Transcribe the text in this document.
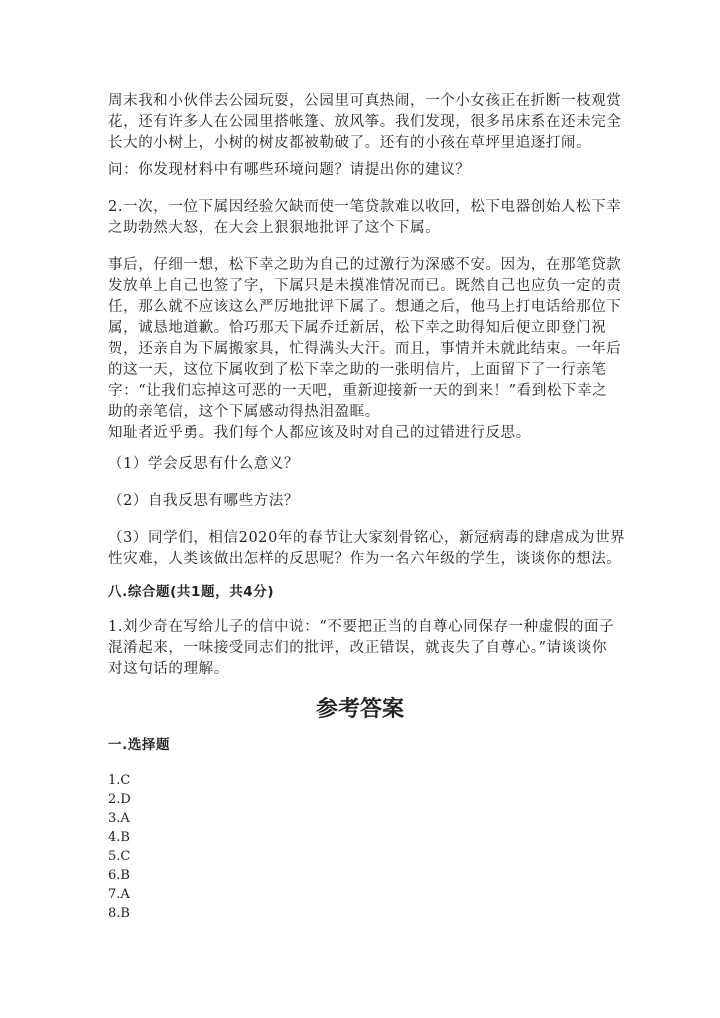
周末我和小伙伴去公园玩耍，公园里可真热闹，一个小女孩正在折断一枝观赏
花，还有许多人在公园里搭帐篷、放风筝。我们发现，很多吊床系在还未完全
长大的小树上，小树的树皮都被勒破了。还有的小孩在草坪里追逐打闹。
问：你发现材料中有哪些环境问题？请提出你的建议？
2.一次，一位下属因经验欠缺而使一笔贷款难以收回，松下电器创始人松下幸
之助勃然大怒，在大会上狠狠地批评了这个下属。
事后，仔细一想，松下幸之助为自己的过激行为深感不安。因为，在那笔贷款
发放单上自己也签了字，下属只是未摸准情况而已。既然自己也应负一定的责
任，那么就不应该这么严厉地批评下属了。想通之后，他马上打电话给那位下
属，诚恳地道歉。恰巧那天下属乔迁新居，松下幸之助得知后便立即登门祝
贺，还亲自为下属搬家具，忙得满头大汗。而且，事情并未就此结束。一年后
的这一天，这位下属收到了松下幸之助的一张明信片，上面留下了一行亲笔
字：“让我们忘掉这可恶的一天吧，重新迎接新一天的到来！”看到松下幸之
助的亲笔信，这个下属感动得热泪盈眶。
知耻者近乎勇。我们每个人都应该及时对自己的过错进行反思。
（1）学会反思有什么意义？
（2）自我反思有哪些方法？
（3）同学们，相信2020年的春节让大家刻骨铭心，新冠病毒的肆虐成为世界
性灾难，人类该做出怎样的反思呢？作为一名六年级的学生，谈谈你的想法。
八.综合题(共1题，共4分)
1.刘少奇在写给儿子的信中说：“不要把正当的自尊心同保存一种虚假的面子
混淆起来，一味接受同志们的批评，改正错误，就丧失了自尊心。”请谈谈你
对这句话的理解。
参考答案
一.选择题
1.C
2.D
3.A
4.B
5.C
6.B
7.A
8.B
